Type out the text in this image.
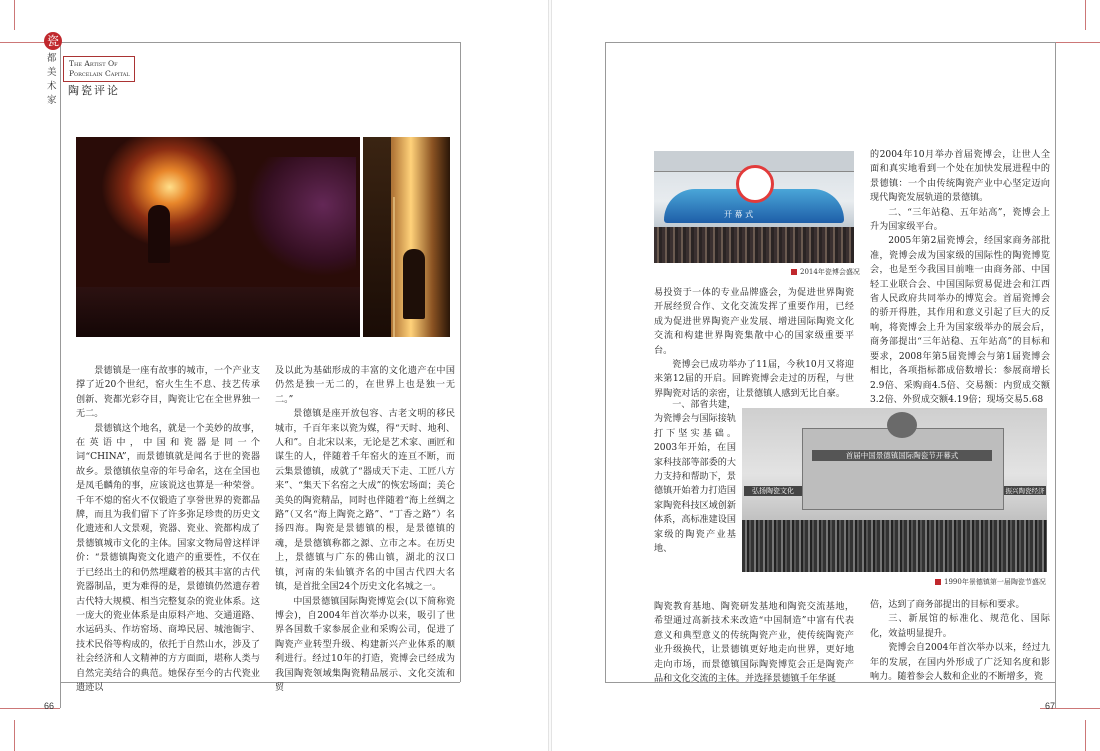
瓷
都美术家
The Artist Of
Porcelain Capital
陶瓷评论

景德镇是一座有故事的城市，一个产业支撑了近20个世纪，窑火生生不息、技艺传承创新、瓷都光彩夺目，陶瓷让它在全世界独一无二。

景德镇这个地名，就是一个美妙的故事，在英语中，中国和瓷器是同一个词“CHINA”，而景德镇就是闻名于世的瓷器故乡。景德镇依皇帝的年号命名，这在全国也是凤毛麟角的事，应该说这也算是一种荣誉。千年不熄的窑火不仅锻造了享誉世界的瓷都品牌，而且为我们留下了许多弥足珍贵的历史文化遗迹和人文景观，瓷器、瓷业、瓷都构成了景德镇城市文化的主体。国家文物局曾这样评价：“景德镇陶瓷文化遗产的重要性，不仅在于已经出土的和仍然埋藏着的极其丰富的古代瓷器制品，更为难得的是，景德镇仍然遗存着古代特大规模、相当完整复杂的瓷业体系。这一庞大的瓷业体系是由原料产地、交通道路、水运码头、作坊窑场、商埠民居、城池衙宇、技术民俗等构成的，依托于自然山水，涉及了社会经济和人文精神的方方面面，堪称人类与自然完美结合的典范。她保存至今的古代瓷业遗迹以

及以此为基础形成的丰富的文化遗产在中国仍然是独一无二的，在世界上也是独一无二。”

景德镇是座开放包容、古老文明的移民城市，千百年来以瓷为媒，得“天时、地利、人和”。自北宋以来，无论是艺术家、画匠和谋生的人，伴随着千年窑火的连亘不断，而云集景德镇，成就了“器成天下走、工匠八方来”、“集天下名窑之大成”的恢宏场面；美仑美奂的陶瓷精品，同时也伴随着“海上丝绸之路”（又名“海上陶瓷之路”、“丁香之路”）名扬四海。陶瓷是景德镇的根，是景德镇的魂，是景德镇称都之源、立市之本。在历史上，景德镇与广东的佛山镇，湖北的汉口镇，河南的朱仙镇齐名的中国古代四大名镇，是首批全国24个历史文化名城之一。

中国景德镇国际陶瓷博览会(以下简称瓷博会)，自2004年首次举办以来，吸引了世界各国数千家参展企业和采购公司，促进了陶瓷产业转型升级、构建新兴产业体系的顺利进行。经过10年的打造，瓷博会已经成为我国陶瓷领域集陶瓷精品展示、文化交流和贸

66
开 幕 式
2014年瓷博会盛况
首届中国景德镇国际陶瓷节开幕式
弘扬陶瓷文化	振兴陶瓷经济
1990年景德镇第一届陶瓷节盛况

易投资于一体的专业品牌盛会，为促进世界陶瓷开展经贸合作、文化交流发挥了重要作用，已经成为促进世界陶瓷产业发展、增进国际陶瓷文化交流和构建世界陶瓷集散中心的国家级重要平台。

瓷博会已成功举办了11届，今秋10月又将迎来第12届的开启。回眸瓷博会走过的历程，与世界陶瓷对话的亲密，让景德镇人感到无比自豪。

一、部省共建，为瓷博会与国际接轨打下坚实基础。2003年开始，在国家科技部等部委的大力支持和帮助下，景德镇开始着力打造国家陶瓷科技区域创新体系，高标准建设国家级的陶瓷产业基地、

陶瓷教育基地、陶瓷研发基地和陶瓷交流基地，希望通过高新技术来改造“中国制造”中富有代表意义和典型意义的传统陶瓷产业，使传统陶瓷产业升级换代，让景德镇更好地走向世界，更好地走向市场，而景德镇国际陶瓷博览会正是陶瓷产品和文化交流的主体。并选择景德镇千年华诞

的2004年10月举办首届瓷博会，让世人全面和真实地看到一个处在加快发展进程中的景德镇：一个由传统陶瓷产业中心坚定迈向现代陶瓷发展轨道的景德镇。

二、“三年站稳、五年站高”，瓷博会上升为国家级平台。

2005年第2届瓷博会，经国家商务部批准，瓷博会成为国家级的国际性的陶瓷博览会，也是至今我国目前唯一由商务部、中国轻工业联合会、中国国际贸易促进会和江西省人民政府共同举办的博览会。首届瓷博会的骄开得胜，其作用和意义引起了巨大的反响，将瓷博会上升为国家级举办的展会后，商务部提出“三年站稳、五年站高”的目标和要求，2008年第5届瓷博会与第1届瓷博会相比，各项指标都成倍数增长：参展商增长2.9倍、采购商4.5倍、交易额：内贸成交额3.2倍、外贸成交额4.19倍；现场交易5.68

倍，达到了商务部提出的目标和要求。

三、新展馆的标准化、规范化、国际化，效益明显提升。

瓷博会自2004年首次举办以来，经过九年的发展，在国内外形成了广泛知名度和影响力。随着参会人数和企业的不断增多，瓷

67
